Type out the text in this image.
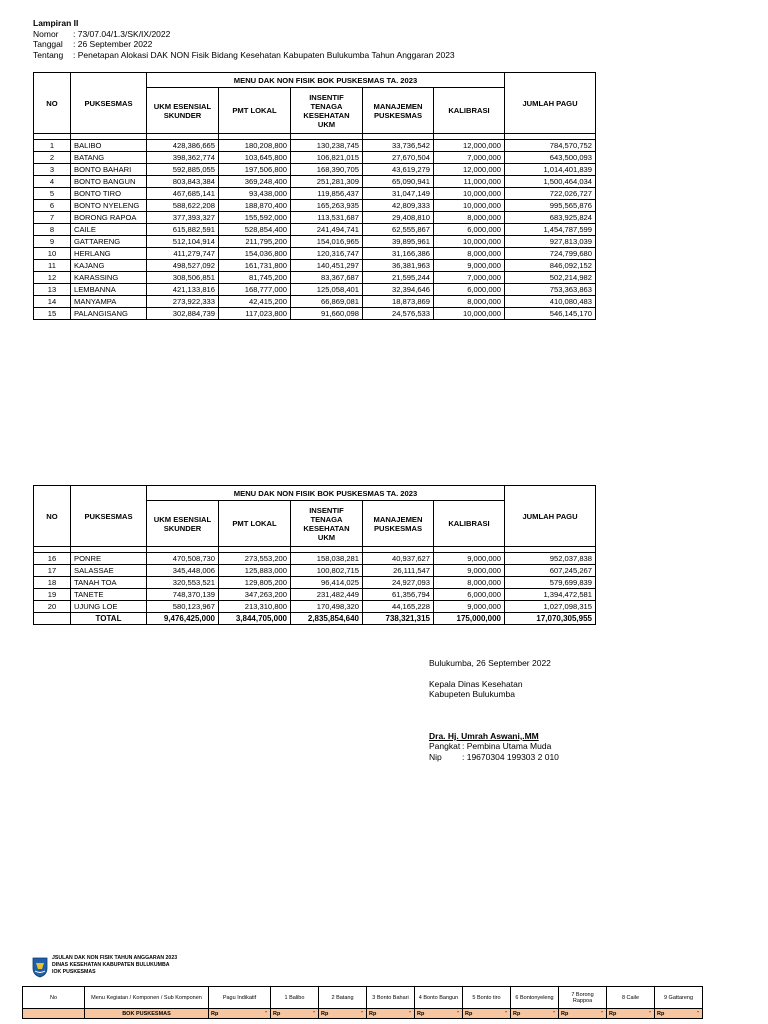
Lampiran II
Nomor	: 73/07.04/1.3/SK/IX/2022
Tanggal	: 26 September 2022
Tentang	: Penetapan Alokasi DAK NON Fisik Bidang Kesehatan Kabupaten Bulukumba Tahun Anggaran 2023
NO	PUKSESMAS	MENU DAK NON FISIK BOK PUSKESMAS TA. 2023					JUMLAH PAGU
		UKM ESENSIAL SKUNDER	PMT LOKAL	INSENTIF TENAGA KESEHATAN UKM	MANAJEMEN PUSKESMAS	KALIBRASI	

1	BALIBO	428,386,665	180,208,800	130,238,745	33,736,542	12,000,000	784,570,752
2	BATANG	398,362,774	103,645,800	106,821,015	27,670,504	7,000,000	643,500,093
3	BONTO BAHARI	592,885,055	197,506,800	168,390,705	43,619,279	12,000,000	1,014,401,839
4	BONTO BANGUN	803,843,384	369,248,400	251,281,309	65,090,941	11,000,000	1,500,464,034
5	BONTO TIRO	467,685,141	93,438,000	119,856,437	31,047,149	10,000,000	722,026,727
6	BONTO NYELENG	588,622,208	188,870,400	165,263,935	42,809,333	10,000,000	995,565,876
7	BORONG RAPOA	377,393,327	155,592,000	113,531,687	29,408,810	8,000,000	683,925,824
8	CAILE	615,882,591	528,854,400	241,494,741	62,555,867	6,000,000	1,454,787,599
9	GATTARENG	512,104,914	211,795,200	154,016,965	39,895,961	10,000,000	927,813,039
10	HERLANG	411,279,747	154,036,800	120,316,747	31,166,386	8,000,000	724,799,680
11	KAJANG	498,527,092	161,731,800	140,451,297	36,381,963	9,000,000	846,092,152
12	KARASSING	308,506,851	81,745,200	83,367,687	21,595,244	7,000,000	502,214,982
13	LEMBANNA	421,133,816	168,777,000	125,058,401	32,394,646	6,000,000	753,363,863
14	MANYAMPA	273,922,333	42,415,200	66,869,081	18,873,869	8,000,000	410,080,483
15	PALANGISANG	302,884,739	117,023,800	91,660,098	24,576,533	10,000,000	546,145,170
NO	PUKSESMAS	MENU DAK NON FISIK BOK PUSKESMAS TA. 2023					JUMLAH PAGU
		UKM ESENSIAL SKUNDER	PMT LOKAL	INSENTIF TENAGA KESEHATAN UKM	MANAJEMEN PUSKESMAS	KALIBRASI	

16	PONRE	470,508,730	273,553,200	158,038,281	40,937,627	9,000,000	952,037,838
17	SALASSAE	345,448,006	125,883,000	100,802,715	26,111,547	9,000,000	607,245,267
18	TANAH TOA	320,553,521	129,805,200	96,414,025	24,927,093	8,000,000	579,699,839
19	TANETE	748,370,139	347,263,200	231,482,449	61,356,794	6,000,000	1,394,472,581
20	UJUNG LOE	580,123,967	213,310,800	170,498,320	44,165,228	9,000,000	1,027,098,315
	TOTAL	9,476,425,000	3,844,705,000	2,835,854,640	738,321,315	175,000,000	17,070,305,955
Bulukumba, 26 September 2022
Kepala Dinas Kesehatan
Kabupeten Bulukumba
Dra. Hj. Umrah Aswani,.MM
Pangkat : Pembina Utama Muda
Nip	: 19670304 199303 2 010
JSULAN DAK NON FISIK TAHUN ANGGARAN 2023
DINAS KESEHATAN KABUPATEN BULUKUMBA
IOK PUSKESMAS
No	Menu Kegiatan / Komponen / Sub Komponen	Pagu Indikatif	1 Balibo	2 Batang	3 Bonto Bahari	4 Bonto Bangun	5 Bonto tiro	6 Bontonyeleng	7 Borong Rappoa	8 Caile	9 Gattareng
	BOK PUSKESMAS	Rp -	Rp -	Rp -	Rp -	Rp -	Rp -	Rp -	Rp -	Rp -	Rp -
